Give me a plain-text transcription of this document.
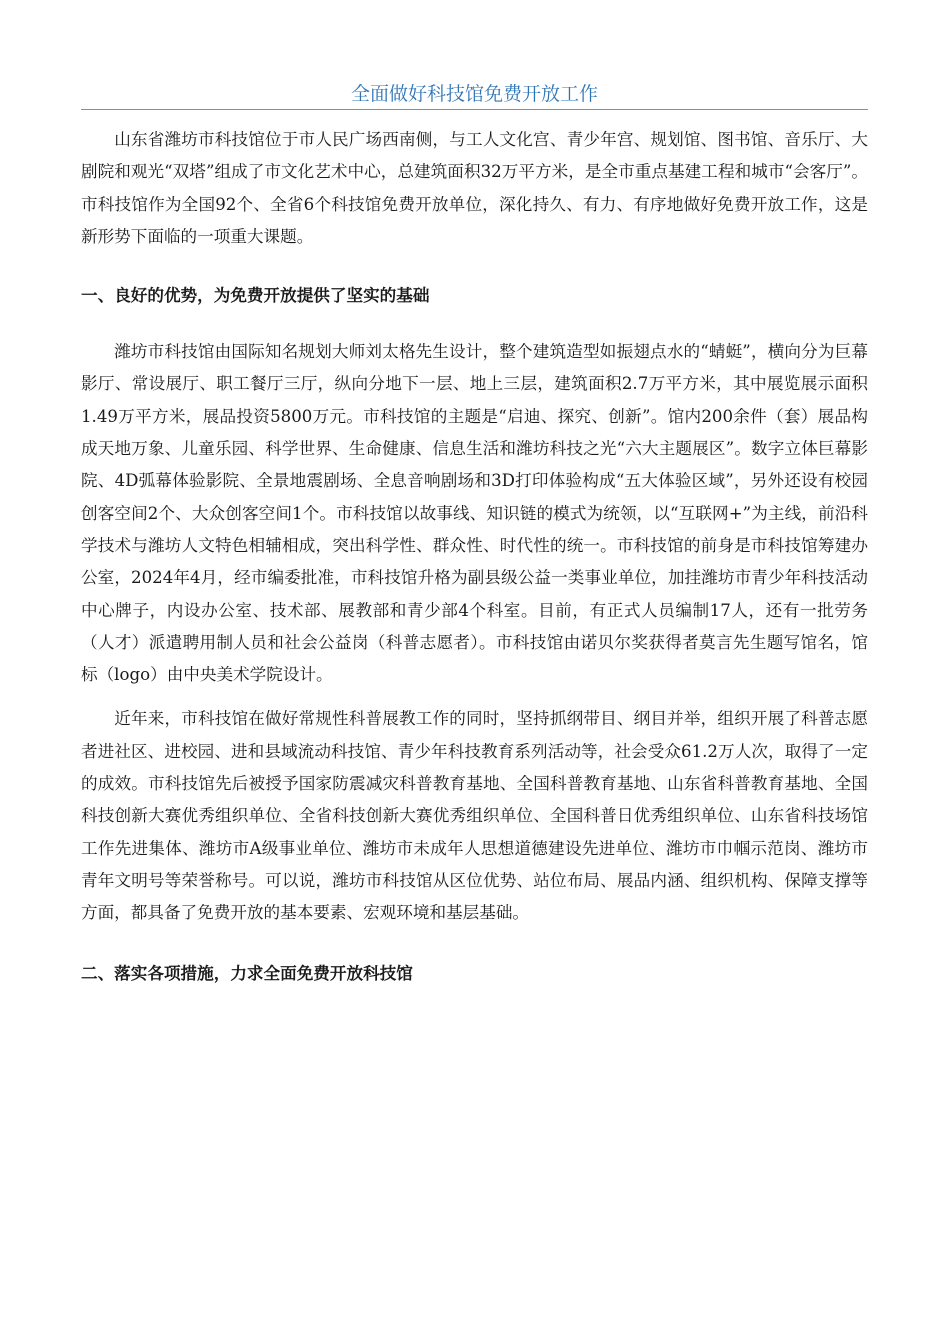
全面做好科技馆免费开放工作

山东省潍坊市科技馆位于市人民广场西南侧，与工人文化宫、青少年宫、规划馆、图书馆、音乐厅、大剧院和观光“双塔”组成了市文化艺术中心，总建筑面积32万平方米，是全市重点基建工程和城市“会客厅”。市科技馆作为全国92个、全省6个科技馆免费开放单位，深化持久、有力、有序地做好免费开放工作，这是新形势下面临的一项重大课题。

一、良好的优势，为免费开放提供了坚实的基础

潍坊市科技馆由国际知名规划大师刘太格先生设计，整个建筑造型如振翅点水的“蜻蜓”，横向分为巨幕影厅、常设展厅、职工餐厅三厅，纵向分地下一层、地上三层，建筑面积2.7万平方米，其中展览展示面积1.49万平方米，展品投资5800万元。市科技馆的主题是“启迪、探究、创新”。馆内200余件（套）展品构成天地万象、儿童乐园、科学世界、生命健康、信息生活和潍坊科技之光“六大主题展区”。数字立体巨幕影院、4D弧幕体验影院、全景地震剧场、全息音响剧场和3D打印体验构成“五大体验区域”，另外还设有校园创客空间2个、大众创客空间1个。市科技馆以故事线、知识链的模式为统领，以“互联网+”为主线，前沿科学技术与潍坊人文特色相辅相成，突出科学性、群众性、时代性的统一。市科技馆的前身是市科技馆筹建办公室，2024年4月，经市编委批准，市科技馆升格为副县级公益一类事业单位，加挂潍坊市青少年科技活动中心牌子，内设办公室、技术部、展教部和青少部4个科室。目前，有正式人员编制17人，还有一批劳务（人才）派遣聘用制人员和社会公益岗（科普志愿者）。市科技馆由诺贝尔奖获得者莫言先生题写馆名，馆标（logo）由中央美术学院设计。

近年来，市科技馆在做好常规性科普展教工作的同时，坚持抓纲带目、纲目并举，组织开展了科普志愿者进社区、进校园、进和县域流动科技馆、青少年科技教育系列活动等，社会受众61.2万人次，取得了一定的成效。市科技馆先后被授予国家防震减灾科普教育基地、全国科普教育基地、山东省科普教育基地、全国科技创新大赛优秀组织单位、全省科技创新大赛优秀组织单位、全国科普日优秀组织单位、山东省科技场馆工作先进集体、潍坊市A级事业单位、潍坊市未成年人思想道德建设先进单位、潍坊市巾帼示范岗、潍坊市青年文明号等荣誉称号。可以说，潍坊市科技馆从区位优势、站位布局、展品内涵、组织机构、保障支撑等方面，都具备了免费开放的基本要素、宏观环境和基层基础。

二、落实各项措施，力求全面免费开放科技馆
